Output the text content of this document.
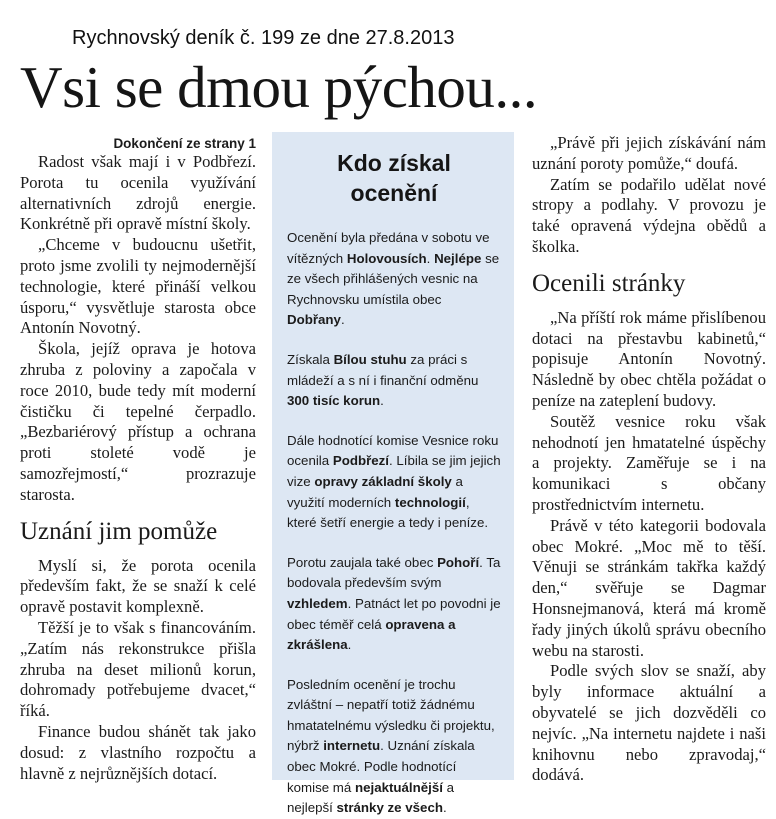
Rychnovský deník č. 199 ze dne 27.8.2013
Vsi se dmou pýchou...
Dokončení ze strany 1

Radost však mají i v Podbřezí. Porota tu ocenila využívání alternativních zdrojů energie. Konkrétně při opravě místní školy.

„Chceme v budoucnu ušetřit, proto jsme zvolili ty nejmodernější technologie, které přináší velkou úsporu,“ vysvětluje starosta obce Antonín Novotný.

Škola, jejíž oprava je hotova zhruba z poloviny a započala v roce 2010, bude tedy mít moderní čističku či tepelné čerpadlo. „Bezbariérový přístup a ochrana proti stoleté vodě je samozřejmostí,“ prozrazuje starosta.

Uznání jim pomůže

Myslí si, že porota ocenila především fakt, že se snaží k celé opravě postavit komplexně.

Těžší je to však s financováním. „Zatím nás rekonstrukce přišla zhruba na deset milionů korun, dohromady potřebujeme dvacet,“ říká.

Finance budou shánět tak jako dosud: z vlastního rozpočtu a hlavně z nejrůznějších dotací.

Kdo získal
ocenění

Ocenění byla předána v sobotu ve vítězných Holovousích. Nejlépe se ze všech přihlášených vesnic na Rychnovsku umístila obec Dobřany.

Získala Bílou stuhu za práci s mládeží a s ní i finanční odměnu 300 tisíc korun.

Dále hodnotící komise Vesnice roku ocenila Podbřezí. Líbila se jim jejich vize opravy základní školy a využití moderních technologií, které šetří energie a tedy i peníze.

Porotu zaujala také obec Pohoří. Ta bodovala především svým vzhledem. Patnáct let po povodni je obec téměř celá opravena a zkrášlena.

Posledním ocenění je trochu zvláštní – nepatří totiž žádnému hmatatelnému výsledku či projektu, nýbrž internetu. Uznání získala obec Mokré. Podle hodnotící komise má nejaktuálnější a nejlepší stránky ze všech.

„Právě při jejich získávání nám uznání poroty pomůže,“ doufá.

Zatím se podařilo udělat nové stropy a podlahy. V provozu je také opravená výdejna obědů a školka.

Ocenili stránky

„Na příští rok máme přislíbenou dotaci na přestavbu kabinetů,“ popisuje Antonín Novotný. Následně by obec chtěla požádat o peníze na zateplení budovy.

Soutěž vesnice roku však nehodnotí jen hmatatelné úspěchy a projekty. Zaměřuje se i na komunikaci s občany prostřednictvím internetu.

Právě v této kategorii bodovala obec Mokré. „Moc mě to těší. Věnuji se stránkám takřka každý den,“ svěřuje se Dagmar Honsnejmanová, která má kromě řady jiných úkolů správu obecního webu na starosti.

Podle svých slov se snaží, aby byly informace aktuální a obyvatelé se jich dozvěděli co nejvíc. „Na internetu najdete i naši knihovnu nebo zpravodaj,“ dodává.
